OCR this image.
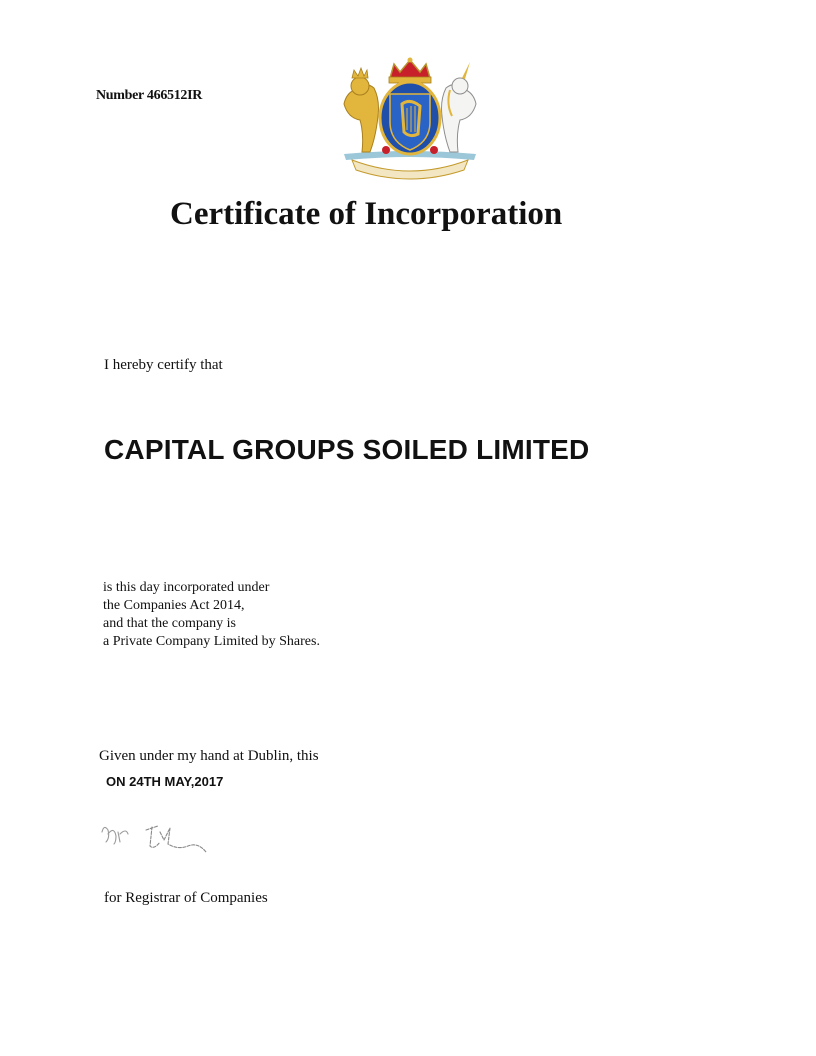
Number 466512IR
Certificate of Incorporation
I hereby certify that
CAPITAL GROUPS SOILED LIMITED
is this day incorporated under
the Companies Act 2014,
and that the company is
a Private Company Limited by Shares.
Given under my hand at Dublin, this
ON 24TH MAY,2017
for Registrar of Companies
